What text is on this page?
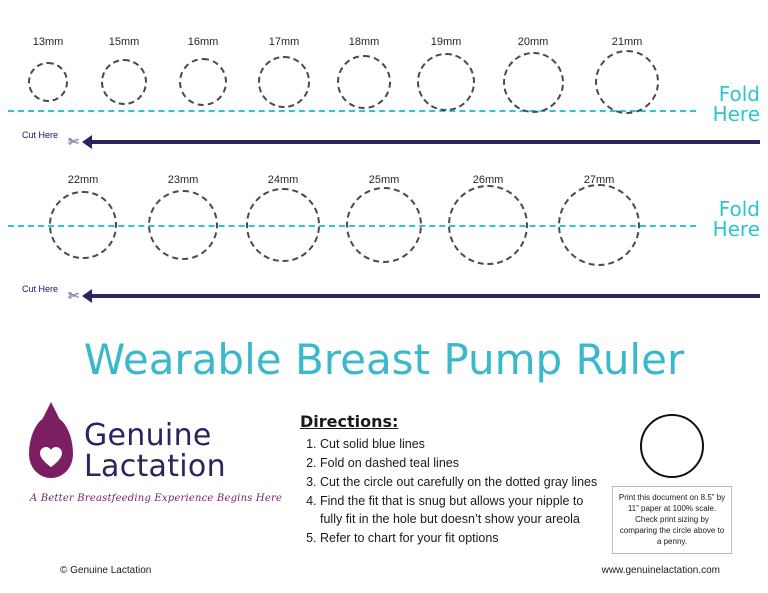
Fold
Here
13mm	15mm	16mm	17mm	18mm	19mm	20mm	21mm
Cut Here ✄
Fold
Here
22mm	23mm	24mm	25mm	26mm	27mm
Cut Here ✄
Wearable Breast Pump Ruler
Genuine
Lactation
A Better Breastfeeding Experience Begins Here
Directions:
1. Cut solid blue lines
2. Fold on dashed teal lines
3. Cut the circle out carefully on the dotted gray lines
4. Find the fit that is snug but allows your nipple to fully fit in the hole but doesn’t show your areola
5. Refer to chart for your fit options
Print this document on 8.5” by 11” paper at 100% scale. Check print sizing by comparing the circle above to a penny.
© Genuine Lactation	www.genuinelactation.com
